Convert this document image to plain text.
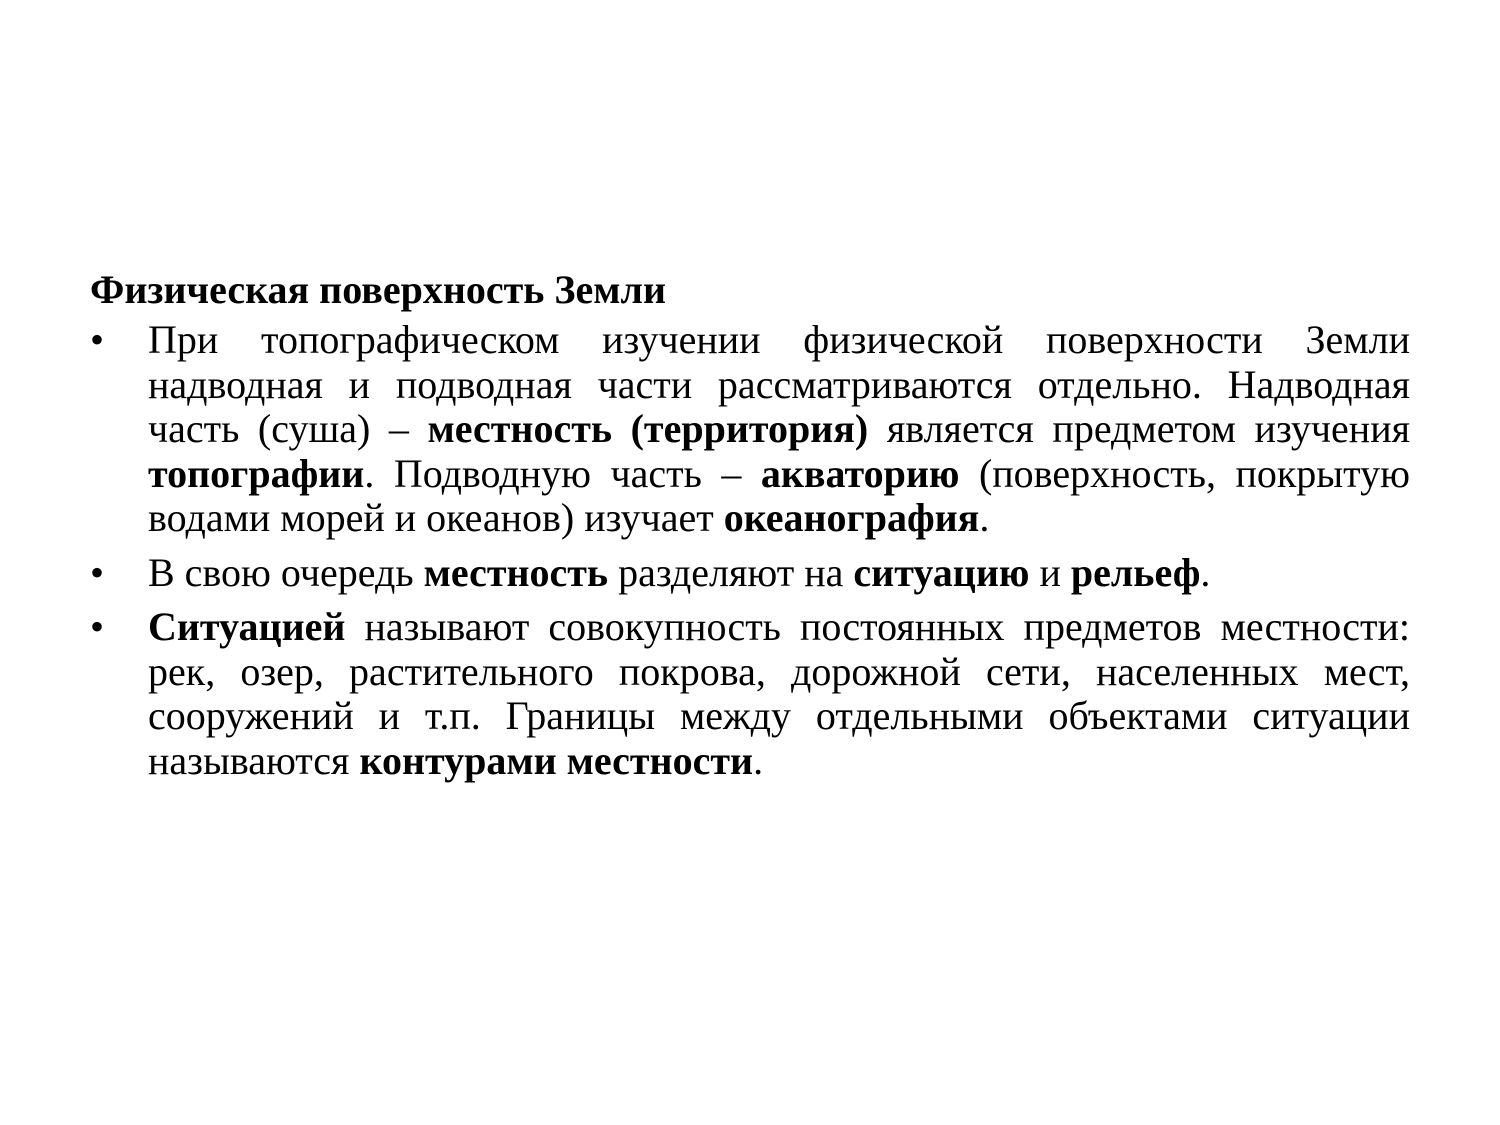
Физическая поверхность Земли
• При топографическом изучении физической поверхности Земли надводная и подводная части рассматриваются отдельно. Надводная часть (суша) – местность (территория) является предметом изучения топографии. Подводную часть – акваторию (поверхность, покрытую водами морей и океанов) изучает океанография.
• В свою очередь местность разделяют на ситуацию и рельеф.
• Ситуацией называют совокупность постоянных предметов местности: рек, озер, растительного покрова, дорожной сети, населенных мест, сооружений и т.п. Границы между отдельными объектами ситуации называются контурами местности.
